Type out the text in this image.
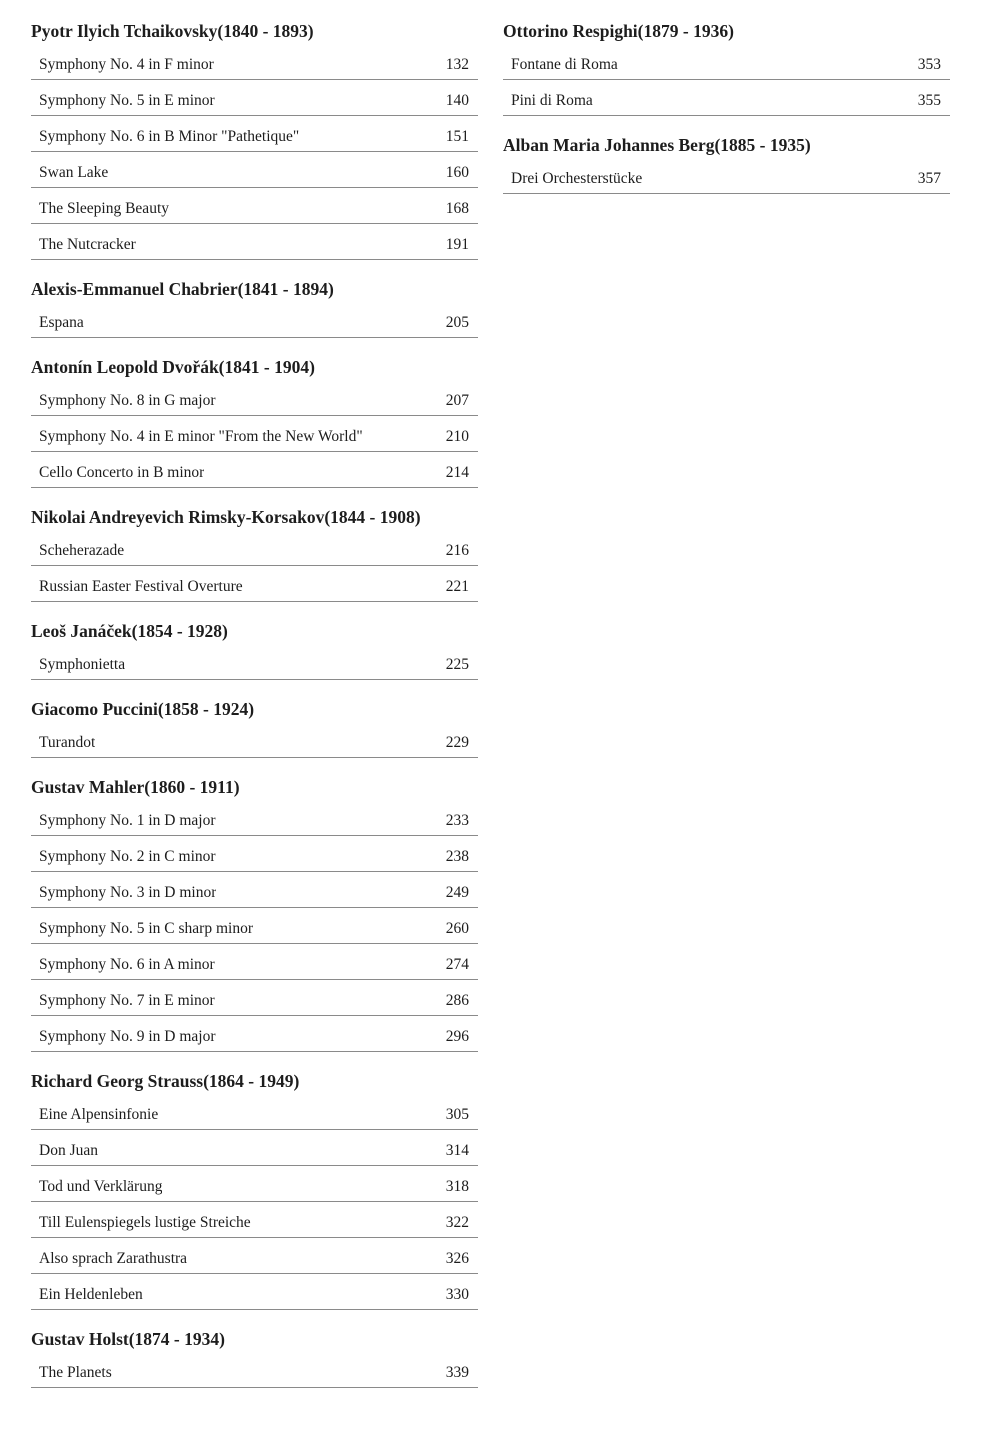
Pyotr Ilyich Tchaikovsky(1840 - 1893)
Symphony No. 4 in F minor	132
Symphony No. 5 in E minor	140
Symphony No. 6 in B Minor "Pathetique"	151
Swan Lake	160
The Sleeping Beauty	168
The Nutcracker	191
Alexis-Emmanuel Chabrier(1841 - 1894)
Espana	205
Antonín Leopold Dvořák(1841 - 1904)
Symphony No. 8 in G major	207
Symphony No. 4 in E minor "From the New World"	210
Cello Concerto in B minor	214
Nikolai Andreyevich Rimsky-Korsakov(1844 - 1908)
Scheherazade	216
Russian Easter Festival Overture	221
Leoš Janáček(1854 - 1928)
Symphonietta	225
Giacomo Puccini(1858 - 1924)
Turandot	229
Gustav Mahler(1860 - 1911)
Symphony No. 1 in D major	233
Symphony No. 2 in C minor	238
Symphony No. 3 in D minor	249
Symphony No. 5 in C sharp minor	260
Symphony No. 6 in A minor	274
Symphony No. 7 in E minor	286
Symphony No. 9 in D major	296
Richard Georg Strauss(1864 - 1949)
Eine Alpensinfonie	305
Don Juan	314
Tod und Verklärung	318
Till Eulenspiegels lustige Streiche	322
Also sprach Zarathustra	326
Ein Heldenleben	330
Gustav Holst(1874 - 1934)
The Planets	339
Ottorino Respighi(1879 - 1936)
Fontane di Roma	353
Pini di Roma	355
Alban Maria Johannes Berg(1885 - 1935)
Drei Orchesterstücke	357
